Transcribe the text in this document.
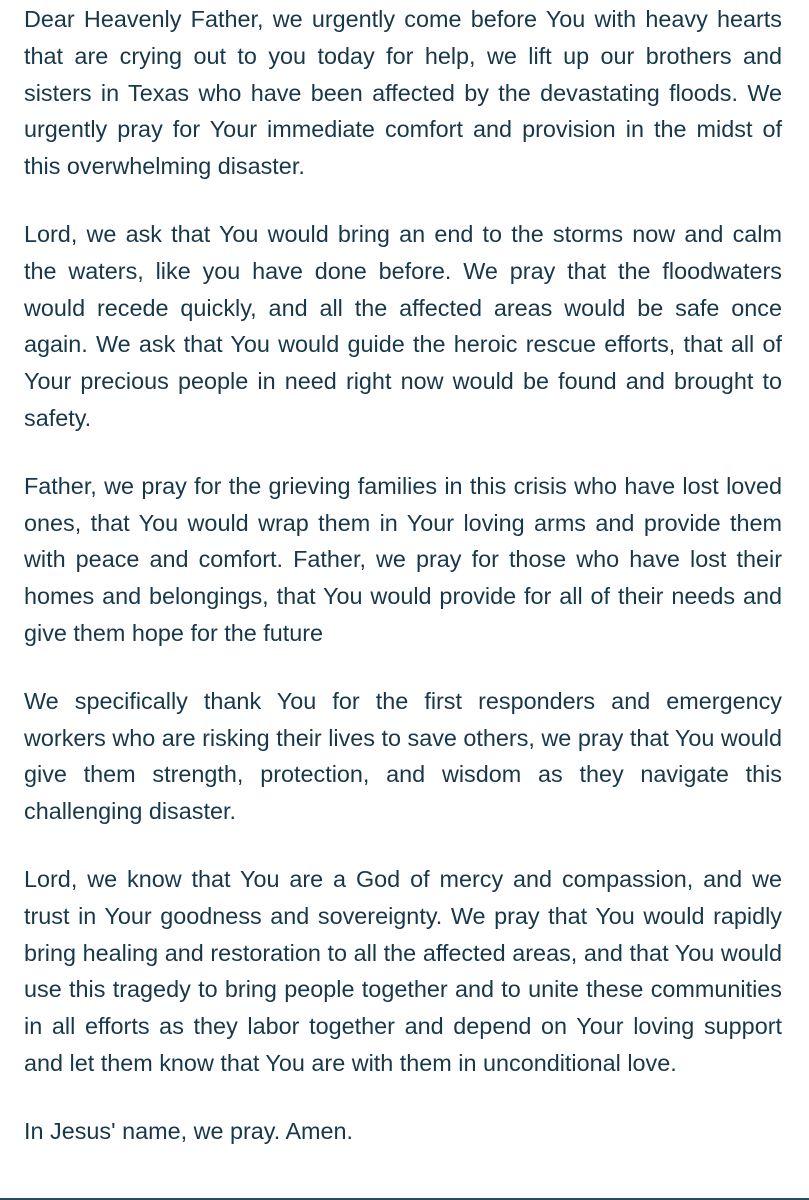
Dear Heavenly Father, we urgently come before You with heavy hearts that are crying out to you today for help, we lift up our brothers and sisters in Texas who have been affected by the devastating floods. We urgently pray for Your immediate comfort and provision in the midst of this overwhelming disaster.

Lord, we ask that You would bring an end to the storms now and calm the waters, like you have done before. We pray that the floodwaters would recede quickly, and all the affected areas would be safe once again. We ask that You would guide the heroic rescue efforts, that all of Your precious people in need right now would be found and brought to safety.

Father, we pray for the grieving families in this crisis who have lost loved ones, that You would wrap them in Your loving arms and provide them with peace and comfort. Father, we pray for those who have lost their homes and belongings, that You would provide for all of their needs and give them hope for the future

We specifically thank You for the first responders and emergency workers who are risking their lives to save others, we pray that You would give them strength, protection, and wisdom as they navigate this challenging disaster.

Lord, we know that You are a God of mercy and compassion, and we trust in Your goodness and sovereignty. We pray that You would rapidly bring healing and restoration to all the affected areas, and that You would use this tragedy to bring people together and to unite these communities in all efforts as they labor together and depend on Your loving support and let them know that You are with them in unconditional love.

In Jesus' name, we pray. Amen.
